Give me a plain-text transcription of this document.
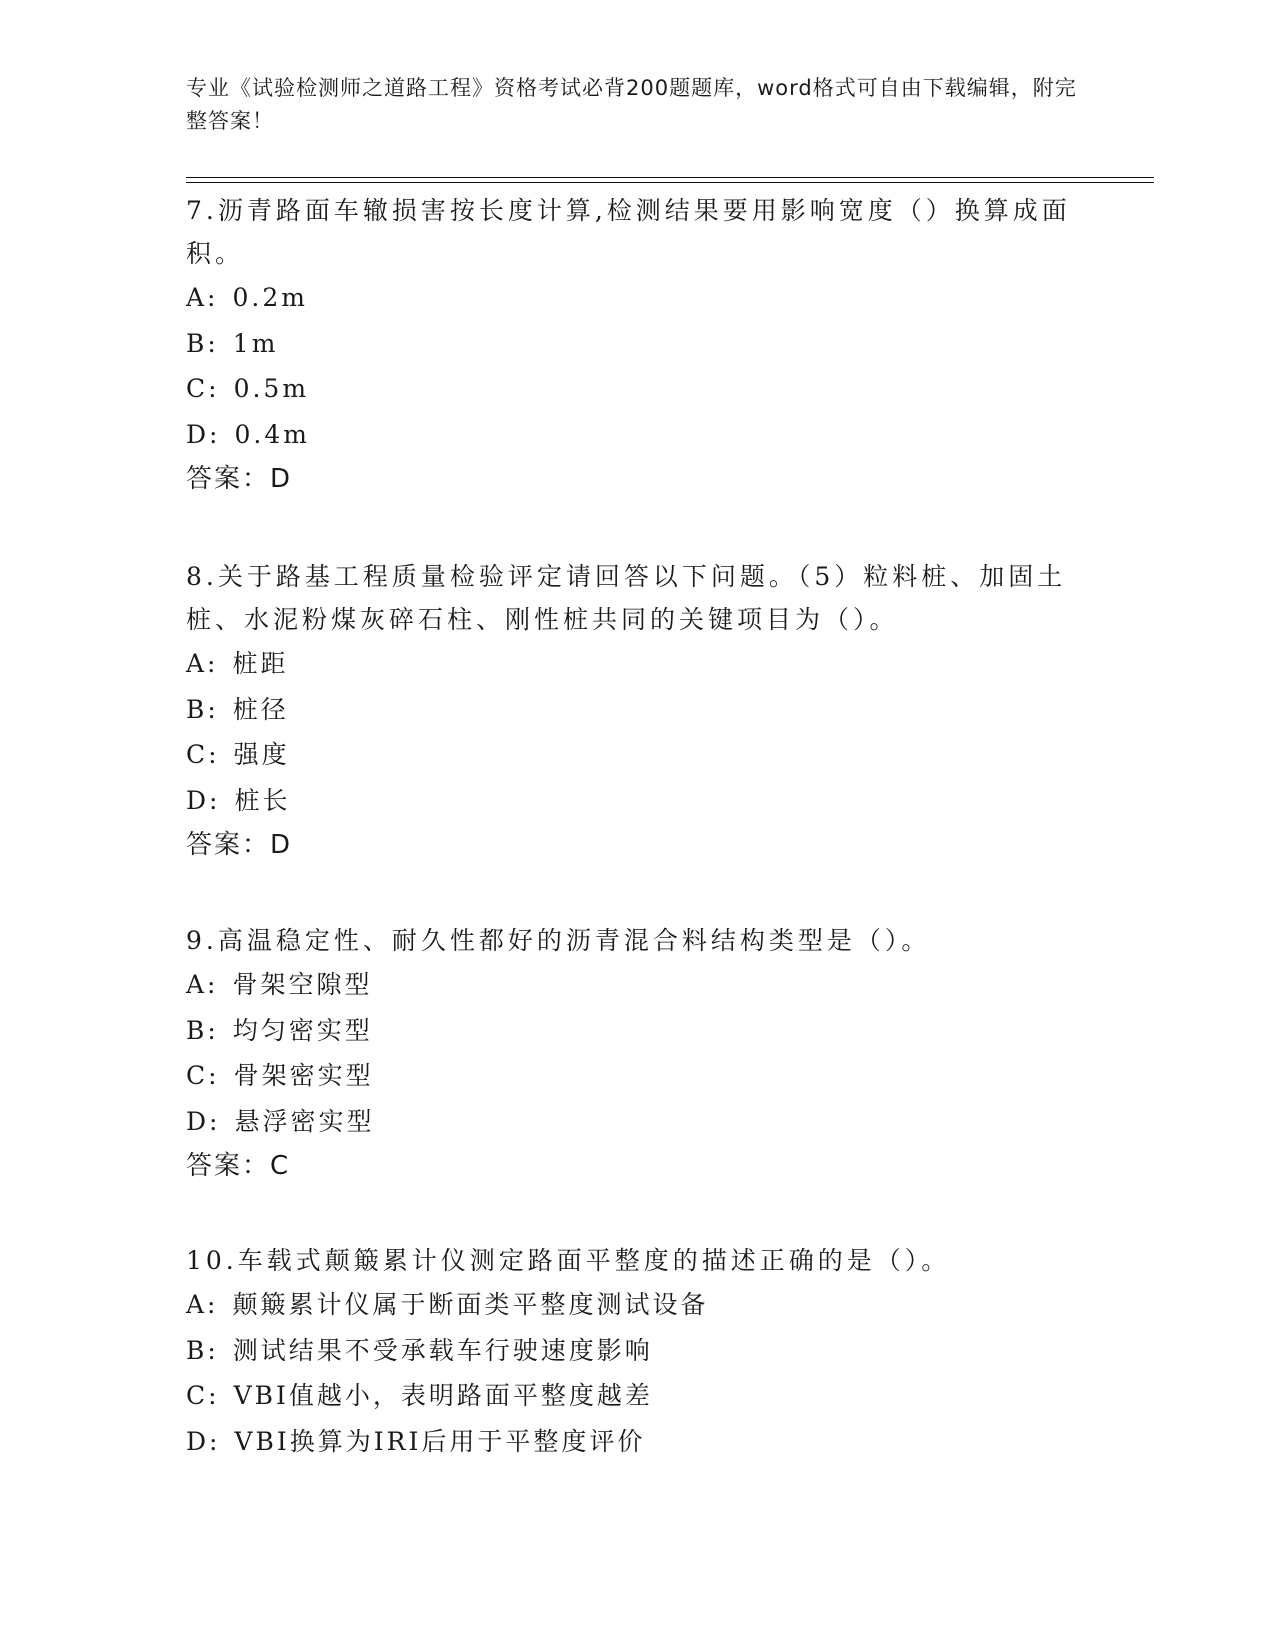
专业《试验检测师之道路工程》资格考试必背200题题库，word格式可自由下载编辑，附完整答案！

7.沥青路面车辙损害按长度计算,检测结果要用影响宽度（）换算成面积。

A: 0.2m

B: 1m

C: 0.5m

D: 0.4m

答案：D

8.关于路基工程质量检验评定请回答以下问题。（5）粒料桩、加固土桩、水泥粉煤灰碎石柱、刚性桩共同的关键项目为（）。

A: 桩距

B: 桩径

C: 强度

D: 桩长

答案：D

9.高温稳定性、耐久性都好的沥青混合料结构类型是（）。

A: 骨架空隙型

B: 均匀密实型

C: 骨架密实型

D: 悬浮密实型

答案：C

10.车载式颠簸累计仪测定路面平整度的描述正确的是（）。

A: 颠簸累计仪属于断面类平整度测试设备

B: 测试结果不受承载车行驶速度影响

C: VBI值越小，表明路面平整度越差

D: VBI换算为IRI后用于平整度评价
